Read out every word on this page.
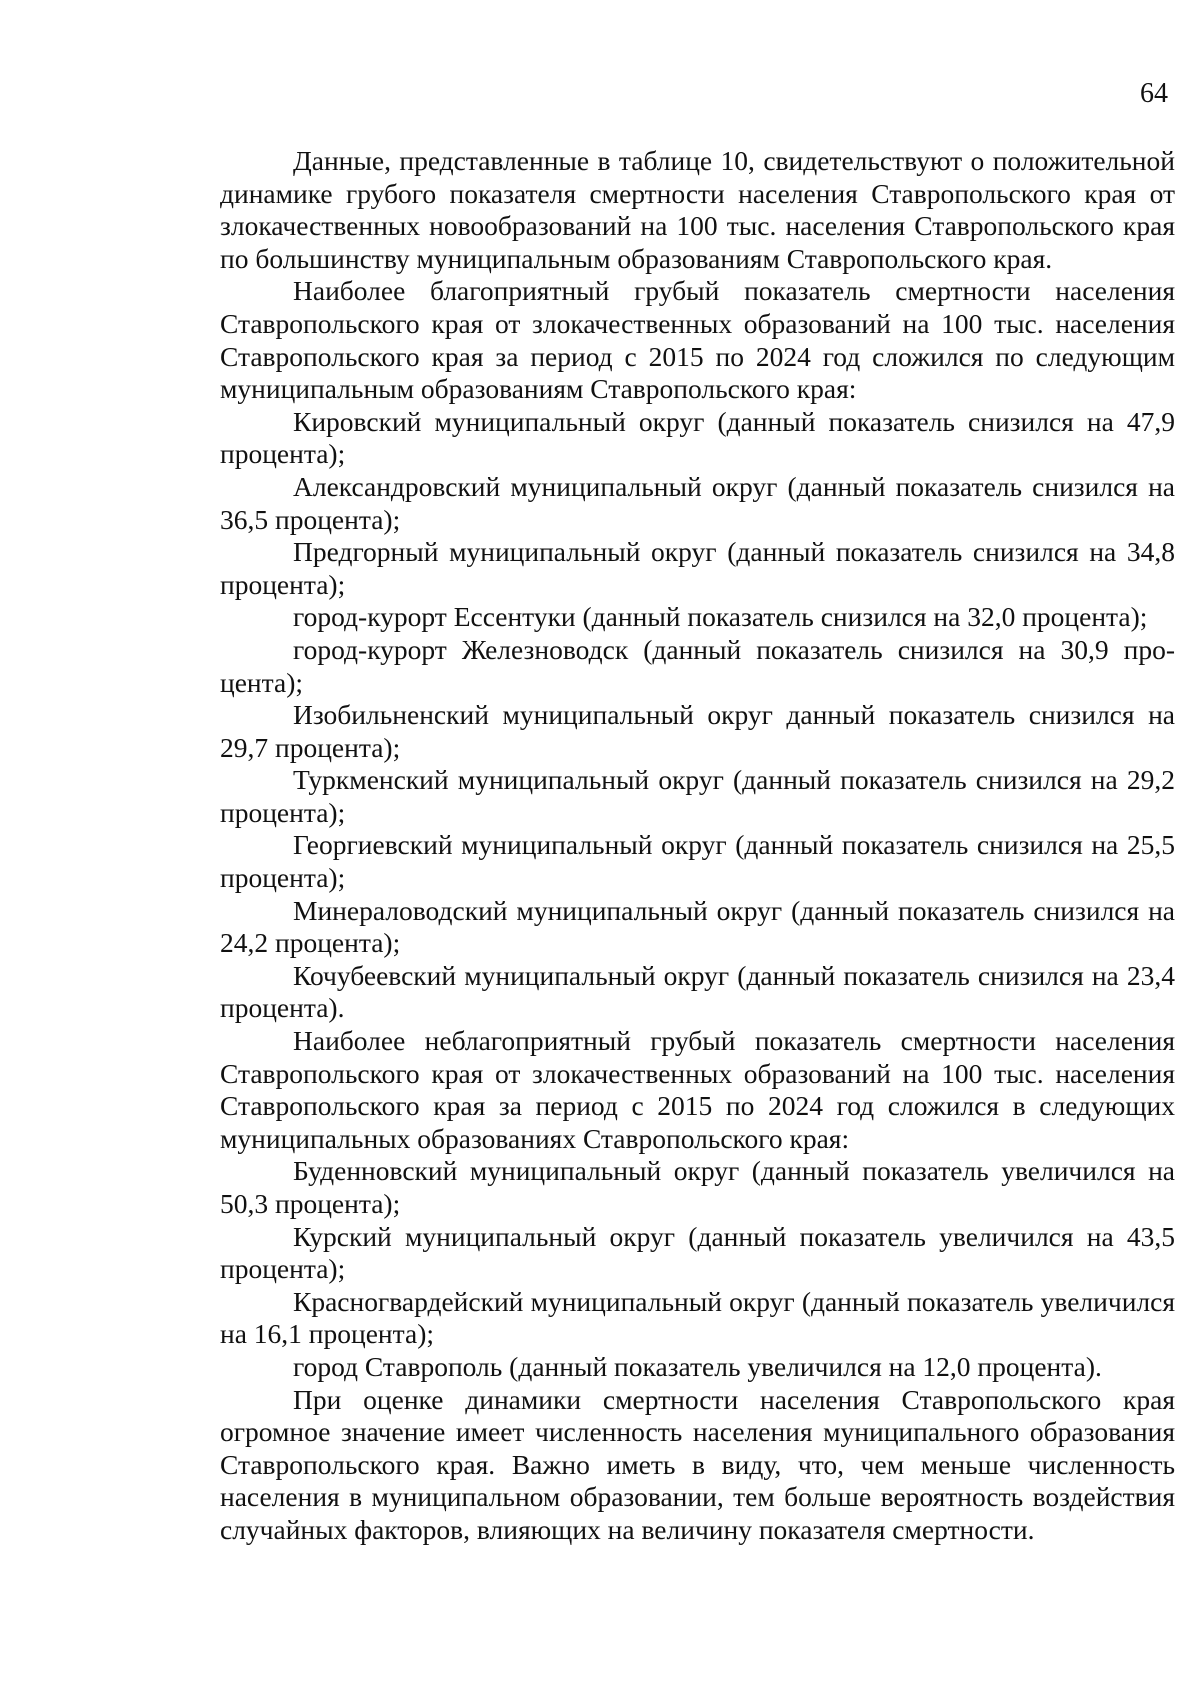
64

Данные, представленные в таблице 10, свидетельствуют о положительной динамике грубого показателя смертности населения Ставропольского края от злокачественных новообразований на 100 тыс. населения Ставропольского края по большинству муниципальным образованиям Ставропольского края.

Наиболее благоприятный грубый показатель смертности населения Ставропольского края от злокачественных образований на 100 тыс. населения Ставропольского края за период с 2015 по 2024 год сложился по следующим муниципальным образованиям Ставропольского края:

Кировский муниципальный округ (данный показатель снизился на 47,9 процента);

Александровский муниципальный округ (данный показатель снизился на 36,5 процента);

Предгорный муниципальный округ (данный показатель снизился на 34,8 процента);

город-курорт Ессентуки (данный показатель снизился на 32,0 процента);

город-курорт Железноводск (данный показатель снизился на 30,9 процента);

Изобильненский муниципальный округ данный показатель снизился на 29,7 процента);

Туркменский муниципальный округ (данный показатель снизился на 29,2 процента);

Георгиевский муниципальный округ (данный показатель снизился на 25,5 процента);

Минераловодский муниципальный округ (данный показатель снизился на 24,2 процента);

Кочубеевский муниципальный округ (данный показатель снизился на 23,4 процента).

Наиболее неблагоприятный грубый показатель смертности населения Ставропольского края от злокачественных образований на 100 тыс. населения Ставропольского края за период с 2015 по 2024 год сложился в следующих муниципальных образованиях Ставропольского края:

Буденновский муниципальный округ (данный показатель увеличился на 50,3 процента);

Курский муниципальный округ (данный показатель увеличился на 43,5 процента);

Красногвардейский муниципальный округ (данный показатель увеличился на 16,1 процента);

город Ставрополь (данный показатель увеличился на 12,0 процента).

При оценке динамики смертности населения Ставропольского края огромное значение имеет численность населения муниципального образования Ставропольского края. Важно иметь в виду, что, чем меньше численность населения в муниципальном образовании, тем больше вероятность воздействия случайных факторов, влияющих на величину показателя смертности.
